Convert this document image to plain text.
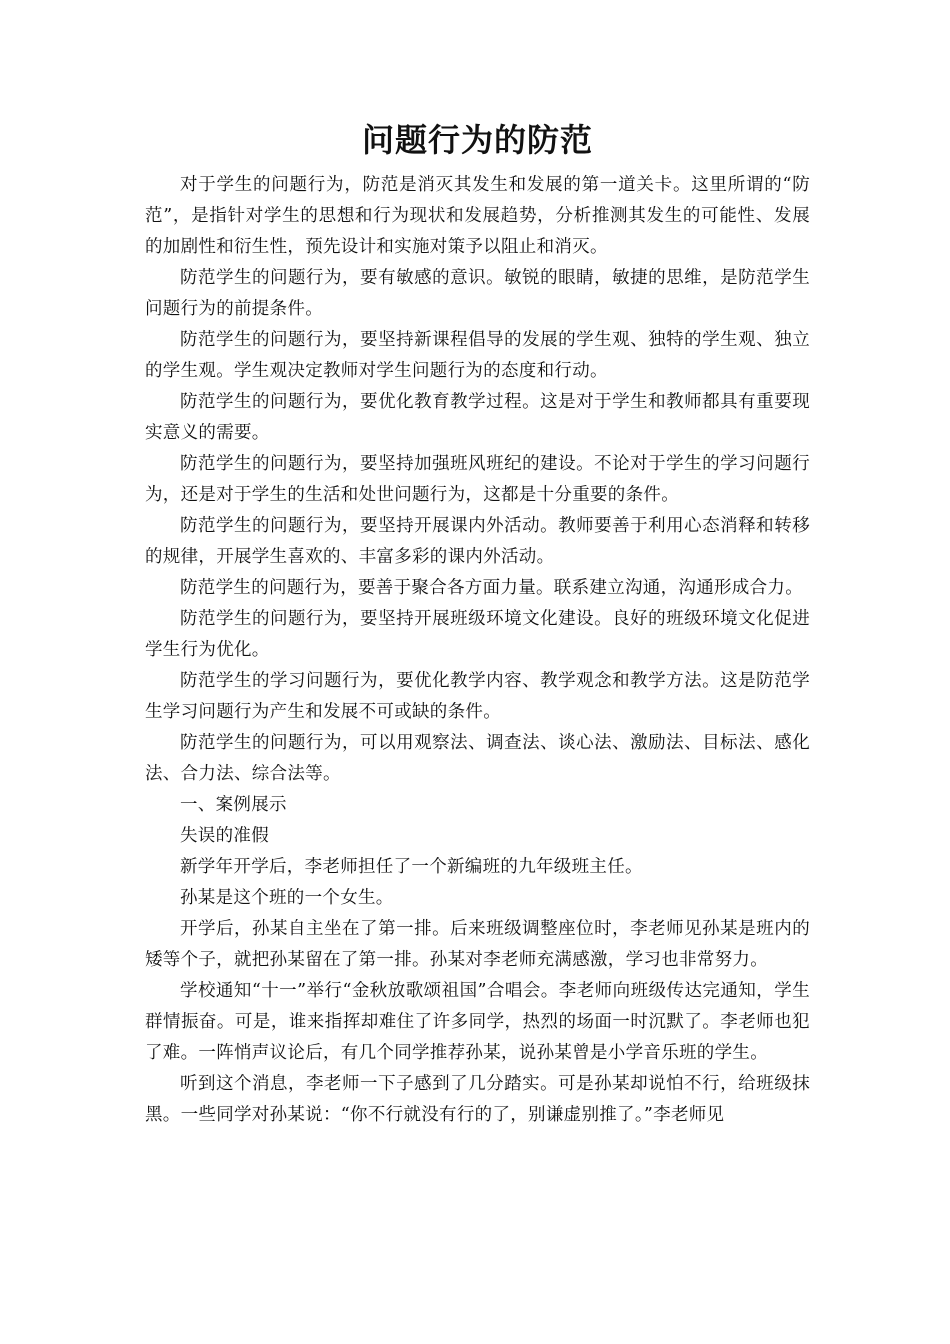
问题行为的防范

对于学生的问题行为，防范是消灭其发生和发展的第一道关卡。这里所谓的“防范”，是指针对学生的思想和行为现状和发展趋势，分析推测其发生的可能性、发展的加剧性和衍生性，预先设计和实施对策予以阻止和消灭。

防范学生的问题行为，要有敏感的意识。敏锐的眼睛，敏捷的思维，是防范学生问题行为的前提条件。

防范学生的问题行为，要坚持新课程倡导的发展的学生观、独特的学生观、独立的学生观。学生观决定教师对学生问题行为的态度和行动。

防范学生的问题行为，要优化教育教学过程。这是对于学生和教师都具有重要现实意义的需要。

防范学生的问题行为，要坚持加强班风班纪的建设。不论对于学生的学习问题行为，还是对于学生的生活和处世问题行为，这都是十分重要的条件。

防范学生的问题行为，要坚持开展课内外活动。教师要善于利用心态消释和转移的规律，开展学生喜欢的、丰富多彩的课内外活动。

防范学生的问题行为，要善于聚合各方面力量。联系建立沟通，沟通形成合力。

防范学生的问题行为，要坚持开展班级环境文化建设。良好的班级环境文化促进学生行为优化。

防范学生的学习问题行为，要优化教学内容、教学观念和教学方法。这是防范学生学习问题行为产生和发展不可或缺的条件。

防范学生的问题行为，可以用观察法、调查法、谈心法、激励法、目标法、感化法、合力法、综合法等。

一、案例展示

失误的准假

新学年开学后，李老师担任了一个新编班的九年级班主任。

孙某是这个班的一个女生。

开学后，孙某自主坐在了第一排。后来班级调整座位时，李老师见孙某是班内的矮等个子，就把孙某留在了第一排。孙某对李老师充满感激，学习也非常努力。

学校通知“十一”举行“金秋放歌颂祖国”合唱会。李老师向班级传达完通知，学生群情振奋。可是，谁来指挥却难住了许多同学，热烈的场面一时沉默了。李老师也犯了难。一阵悄声议论后，有几个同学推荐孙某，说孙某曾是小学音乐班的学生。

听到这个消息，李老师一下子感到了几分踏实。可是孙某却说怕不行，给班级抹黑。一些同学对孙某说：“你不行就没有行的了，别谦虚别推了。”李老师见
